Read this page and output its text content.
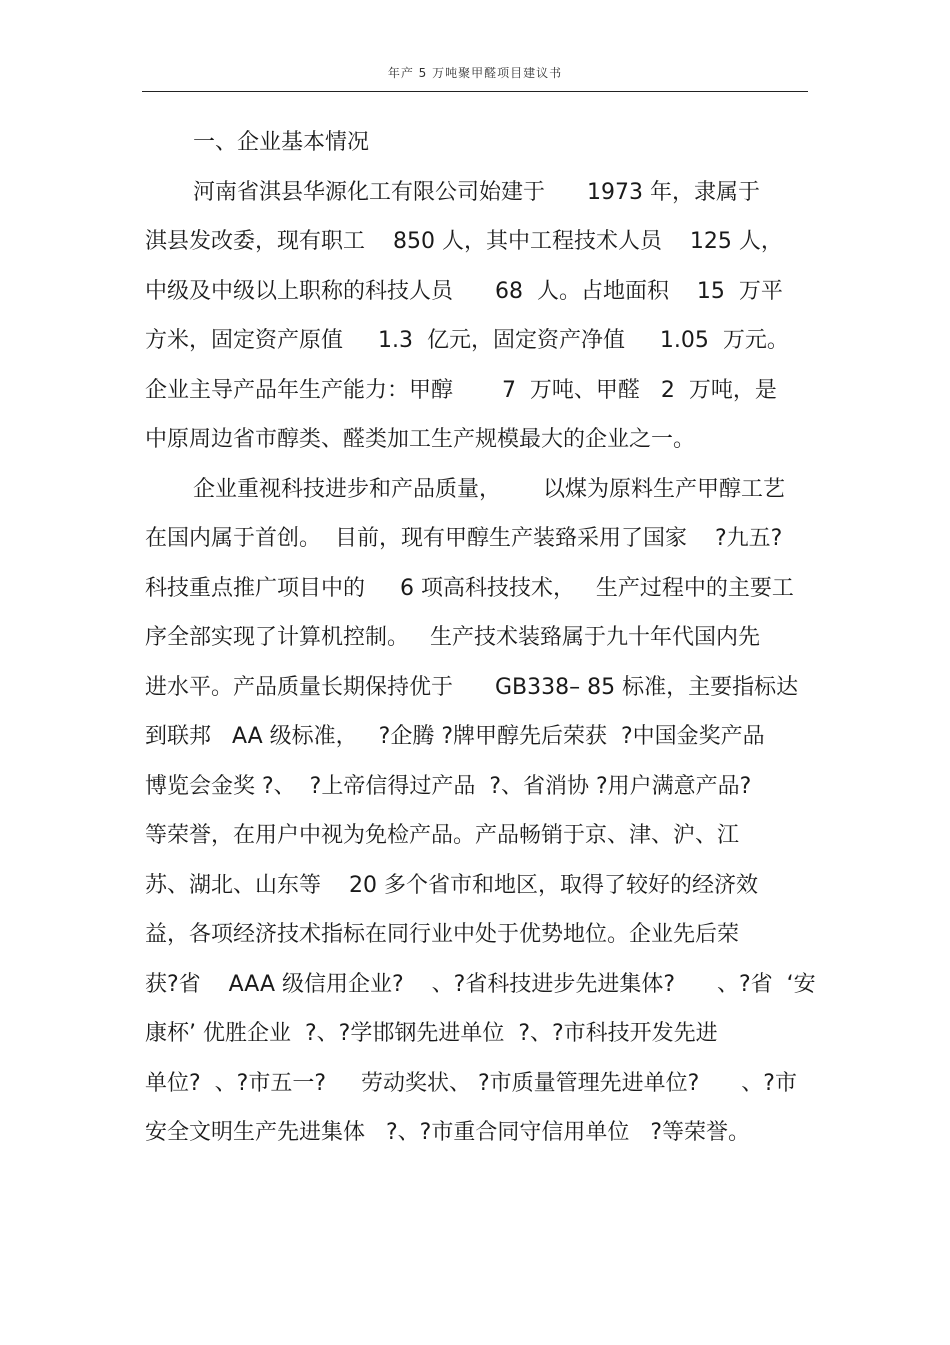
年产 5 万吨聚甲醛项目建议书
一、企业基本情况
河南省淇县华源化工有限公司始建于      1973 年，隶属于
淇县发改委，现有职工    850 人，其中工程技术人员    125 人，
中级及中级以上职称的科技人员      68  人。占地面积    15  万平
方米，固定资产原值     1.3  亿元，固定资产净值     1.05  万元。
企业主导产品年生产能力：甲醇       7  万吨、甲醛   2  万吨，是
中原周边省市醇类、醛类加工生产规模最大的企业之一。
企业重视科技进步和产品质量，      以煤为原料生产甲醇工艺
在国内属于首创。  目前，现有甲醇生产装臵采用了国家    ?九五?
科技重点推广项目中的     6 项高科技技术，   生产过程中的主要工
序全部实现了计算机控制。   生产技术装臵属于九十年代国内先
进水平。产品质量长期保持优于      GB338– 85 标准，主要指标达
到联邦   AA 级标准，   ?企腾 ?牌甲醇先后荣获  ?中国金奖产品
博览会金奖 ?、  ?上帝信得过产品  ?、省消协 ?用户满意产品?
等荣誉，在用户中视为免检产品。产品畅销于京、津、沪、江
苏、湖北、山东等    20 多个省市和地区，取得了较好的经济效
益，各项经济技术指标在同行业中处于优势地位。企业先后荣
获?省    AAA 级信用企业?    、?省科技进步先进集体?      、?省  ‘安
康杯’ 优胜企业  ?、?学邯钢先进单位  ?、?市科技开发先进
单位?  、?市五一?     劳动奖状、 ?市质量管理先进单位?      、?市
安全文明生产先进集体   ?、?市重合同守信用单位   ?等荣誉。
